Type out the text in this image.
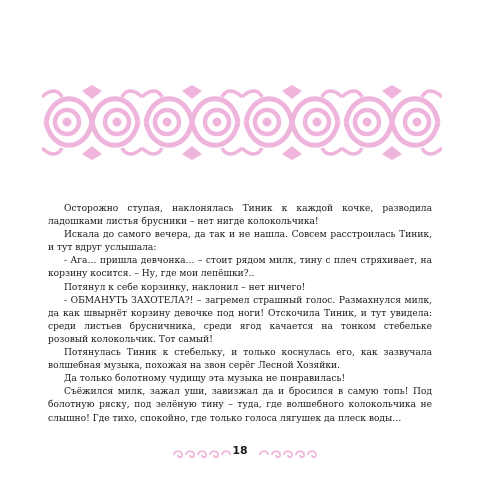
Осторожно ступая, наклонялась Тиник к каждой кочке, разводила ладошками листья брусники – нет нигде колокольчика!

Искала до самого вечера, да так и не нашла. Совсем расстроилась Тиник, и тут вдруг услышала:

- Ага… пришла девчонка… – стоит рядом милк, тину с плеч стряхивает, на корзину косится. – Ну, где мои лепёшки?..

Потянул к себе корзинку, наклонил – нет ничего!

- ОБМАНУТЬ ЗАХОТЕЛА?! – загремел страшный голос. Размахнулся милк, да как швырнёт корзину девочке под ноги! Отскочила Тиник, и тут увидела: среди листьев брусничника, среди ягод качается на тонком стебельке розовый колокольчик. Тот самый!

Потянулась Тиник к стебельку, и только коснулась его, как зазвучала волшебная музыка, похожая на звон серёг Лесной Хозяйки.

Да только болотному чудищу эта музыка не понравилась!

Съёжился милк, зажал уши, завизжал да и бросился в самую топь! Под болотную ряску, под зелёную тину – туда, где волшебного колокольчика не слышно! Где тихо, спокойно, где только голоса лягушек да плеск воды…

18
